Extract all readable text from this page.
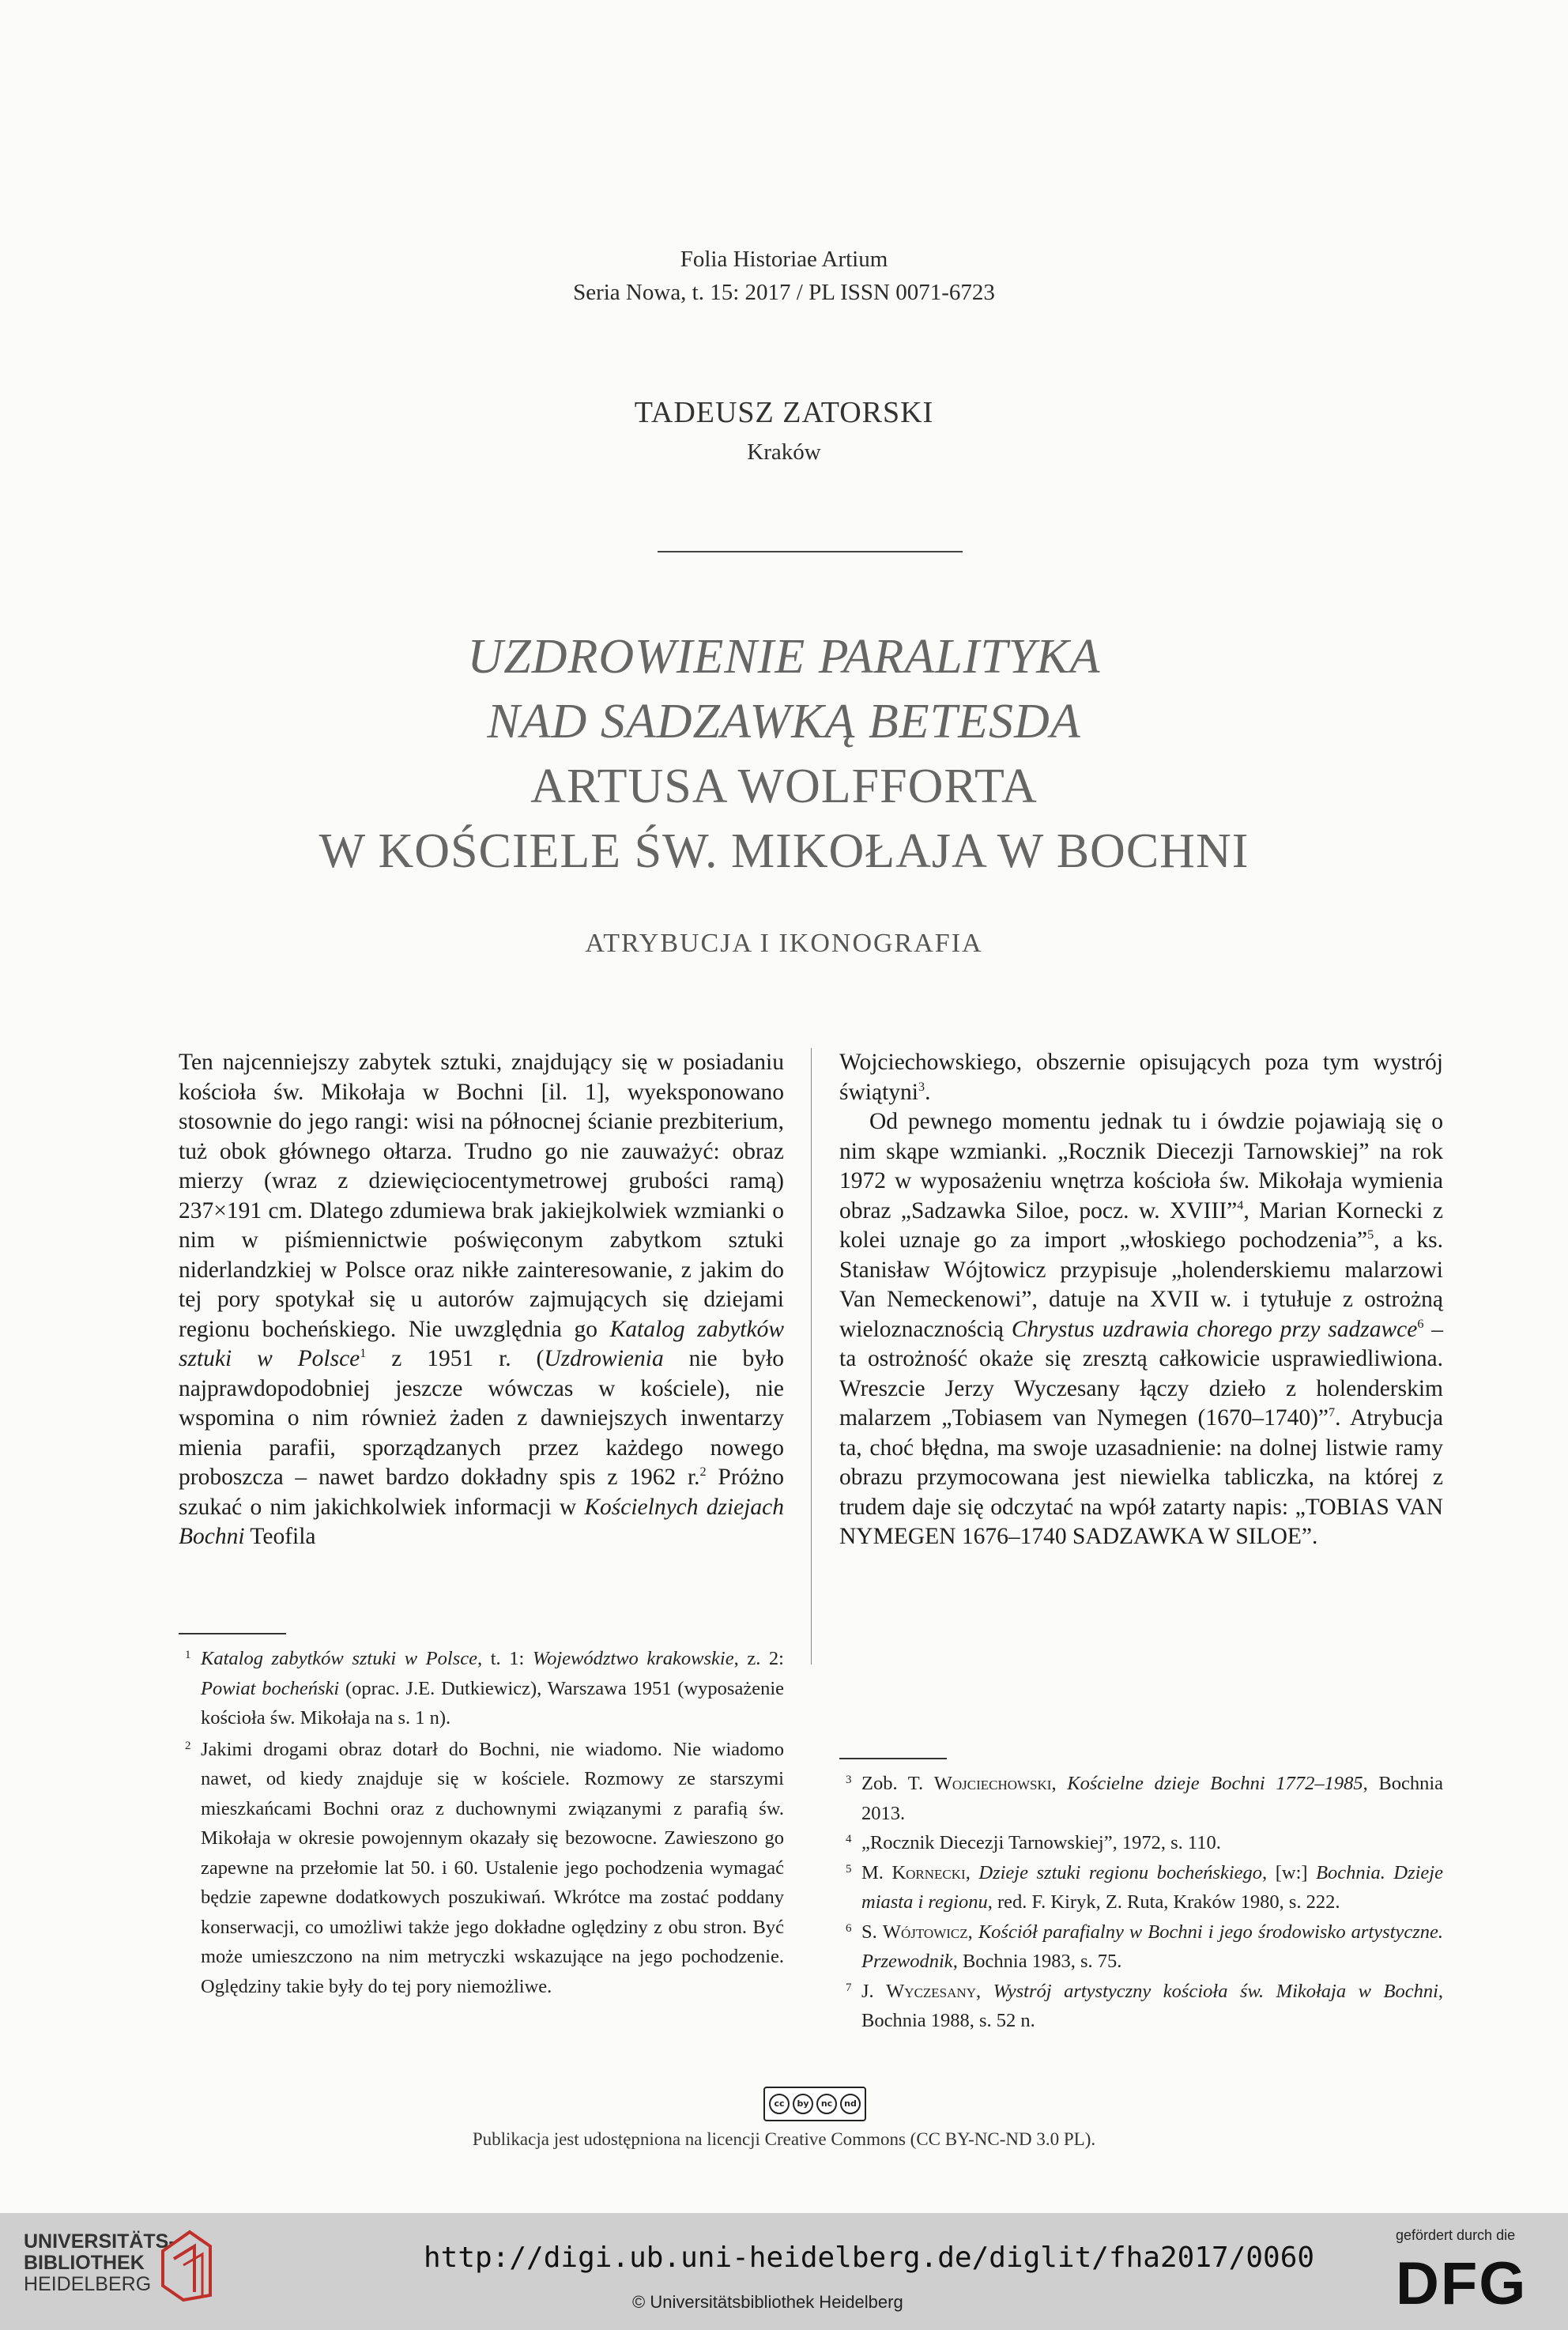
Folia Historiae Artium
Seria Nowa, t. 15: 2017 / PL ISSN 0071-6723
TADEUSZ ZATORSKI
Kraków
UZDROWIENIE PARALITYKA
NAD SADZAWKĄ BETESDA
ARTUSA WOLFFORTA
W KOŚCIELE ŚW. MIKOŁAJA W BOCHNI
ATRYBUCJA I IKONOGRAFIA

Ten najcenniejszy zabytek sztuki, znajdujący się w posiadaniu kościoła św. Mikołaja w Bochni [il. 1], wyeksponowano stosownie do jego rangi: wisi na północnej ścianie prezbiterium, tuż obok głównego ołtarza. Trudno go nie zauważyć: obraz mierzy (wraz z dziewięciocentymetrowej grubości ramą) 237×191 cm. Dlatego zdumiewa brak jakiejkolwiek wzmianki o nim w piśmiennictwie poświęconym zabytkom sztuki niderlandzkiej w Polsce oraz nikłe zainteresowanie, z jakim do tej pory spotykał się u autorów zajmujących się dziejami regionu bocheńskiego. Nie uwzględnia go Katalog zabytków sztuki w Polsce$^1$ z 1951 r. (Uzdrowienia nie było najprawdopodobniej jeszcze wówczas w kościele), nie wspomina o nim również żaden z dawniejszych inwentarzy mienia parafii, sporządzanych przez każdego nowego proboszcza – nawet bardzo dokładny spis z 1962 r.$^2$ Próżno szukać o nim jakichkolwiek informacji w Kościelnych dziejach Bochni Teofila

Wojciechowskiego, obszernie opisujących poza tym wystrój świątyni$^3$.

Od pewnego momentu jednak tu i ówdzie pojawiają się o nim skąpe wzmianki. „Rocznik Diecezji Tarnowskiej” na rok 1972 w wyposażeniu wnętrza kościoła św. Mikołaja wymienia obraz „Sadzawka Siloe, pocz. w. XVIII”$^4$, Marian Kornecki z kolei uznaje go za import „włoskiego pochodzenia”$^5$, a ks. Stanisław Wójtowicz przypisuje „holenderskiemu malarzowi Van Nemeckenowi”, datuje na XVII w. i tytułuje z ostrożną wieloznacznością Chrystus uzdrawia chorego przy sadzawce$^6$ – ta ostrożność okaże się zresztą całkowicie usprawiedliwiona. Wreszcie Jerzy Wyczesany łączy dzieło z holenderskim malarzem „Tobiasem van Nymegen (1670–1740)”$^7$. Atrybucja ta, choć błędna, ma swoje uzasadnienie: na dolnej listwie ramy obrazu przymocowana jest niewielka tabliczka, na której z trudem daje się odczytać na wpół zatarty napis: „TOBIAS VAN NYMEGEN 1676–1740 SADZAWKA W SILOE”.

1 Katalog zabytków sztuki w Polsce, t. 1: Województwo krakowskie, z. 2: Powiat bocheński (oprac. J.E. Dutkiewicz), Warszawa 1951 (wyposażenie kościoła św. Mikołaja na s. 1 n).
2 Jakimi drogami obraz dotarł do Bochni, nie wiadomo. Nie wiadomo nawet, od kiedy znajduje się w kościele. Rozmowy ze starszymi mieszkańcami Bochni oraz z duchownymi związanymi z parafią św. Mikołaja w okresie powojennym okazały się bezowocne. Zawieszono go zapewne na przełomie lat 50. i 60. Ustalenie jego pochodzenia wymagać będzie zapewne dodatkowych poszukiwań. Wkrótce ma zostać poddany konserwacji, co umożliwi także jego dokładne oględziny z obu stron. Być może umieszczono na nim metryczki wskazujące na jego pochodzenie. Oględziny takie były do tej pory niemożliwe.
3 Zob. T. Wojciechowski, Kościelne dzieje Bochni 1772–1985, Bochnia 2013.
4 „Rocznik Diecezji Tarnowskiej”, 1972, s. 110.
5 M. Kornecki, Dzieje sztuki regionu bocheńskiego, [w:] Bochnia. Dzieje miasta i regionu, red. F. Kiryk, Z. Ruta, Kraków 1980, s. 222.
6 S. Wójtowicz, Kościół parafialny w Bochni i jego środowisko artystyczne. Przewodnik, Bochnia 1983, s. 75.
7 J. Wyczesany, Wystrój artystyczny kościoła św. Mikołaja w Bochni, Bochnia 1988, s. 52 n.
cc	by	nc	nd
Publikacja jest udostępniona na licencji Creative Commons (CC BY-NC-ND 3.0 PL).
UNIVERSITÄTS-
BIBLIOTHEK
HEIDELBERG
http://digi.ub.uni-heidelberg.de/diglit/fha2017/0060
© Universitätsbibliothek Heidelberg
gefördert durch die
DFG
